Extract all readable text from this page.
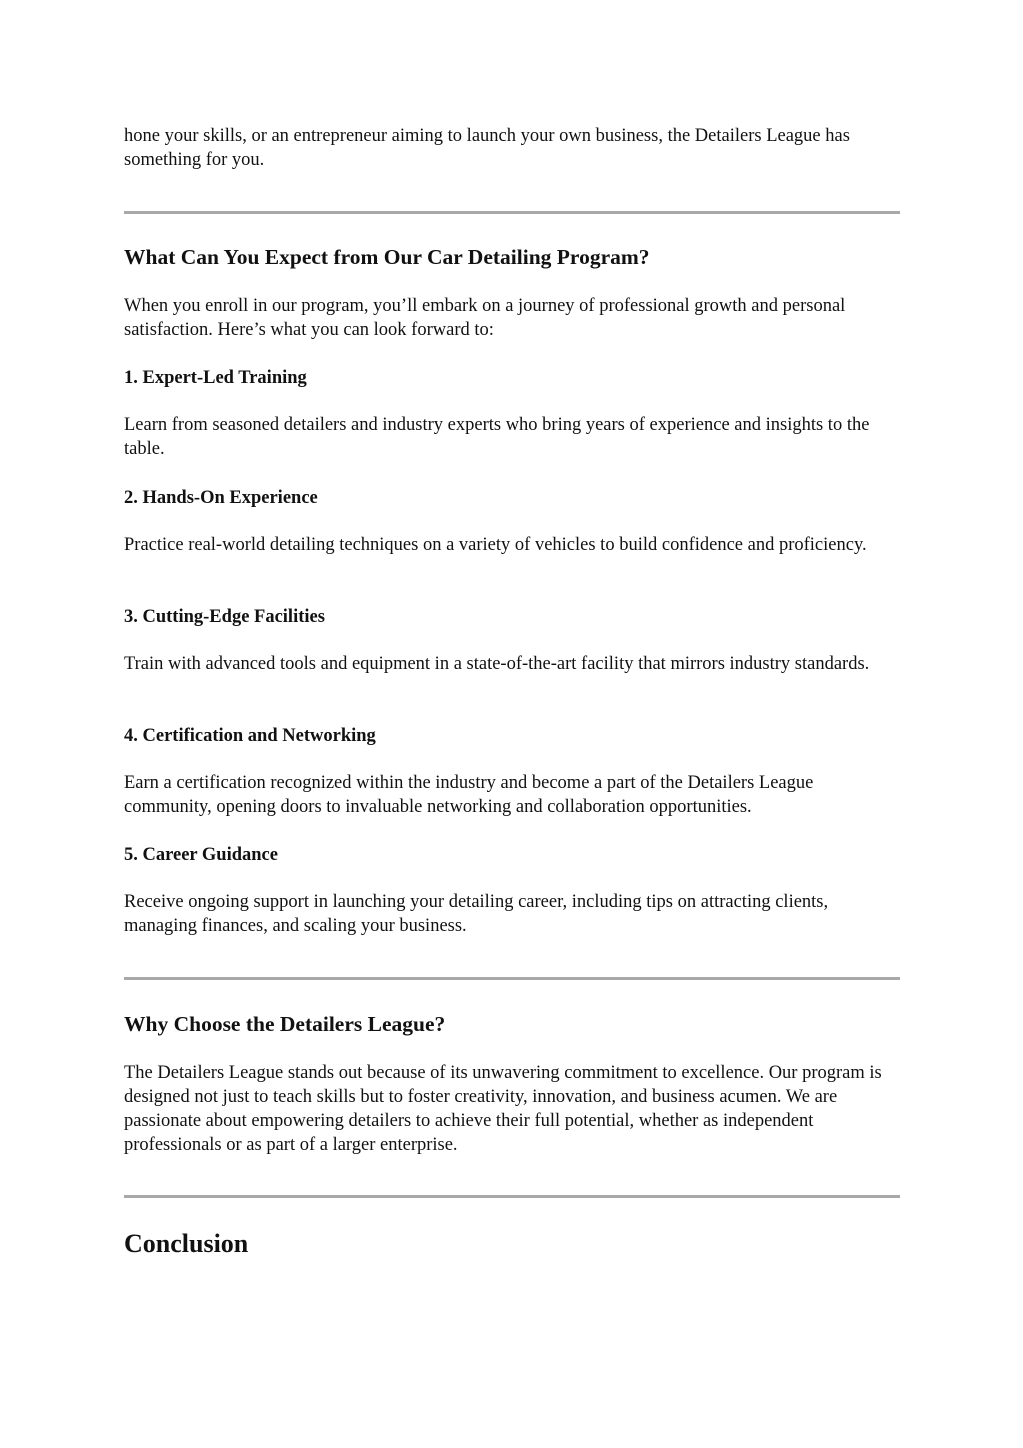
hone your skills, or an entrepreneur aiming to launch your own business, the Detailers League has something for you.

What Can You Expect from Our Car Detailing Program?

When you enroll in our program, you’ll embark on a journey of professional growth and personal satisfaction. Here’s what you can look forward to:

1. Expert-Led Training

Learn from seasoned detailers and industry experts who bring years of experience and insights to the table.

2. Hands-On Experience

Practice real-world detailing techniques on a variety of vehicles to build confidence and proficiency.

3. Cutting-Edge Facilities

Train with advanced tools and equipment in a state-of-the-art facility that mirrors industry standards.

4. Certification and Networking

Earn a certification recognized within the industry and become a part of the Detailers League community, opening doors to invaluable networking and collaboration opportunities.

5. Career Guidance

Receive ongoing support in launching your detailing career, including tips on attracting clients, managing finances, and scaling your business.

Why Choose the Detailers League?

The Detailers League stands out because of its unwavering commitment to excellence. Our program is designed not just to teach skills but to foster creativity, innovation, and business acumen. We are passionate about empowering detailers to achieve their full potential, whether as independent professionals or as part of a larger enterprise.

Conclusion
